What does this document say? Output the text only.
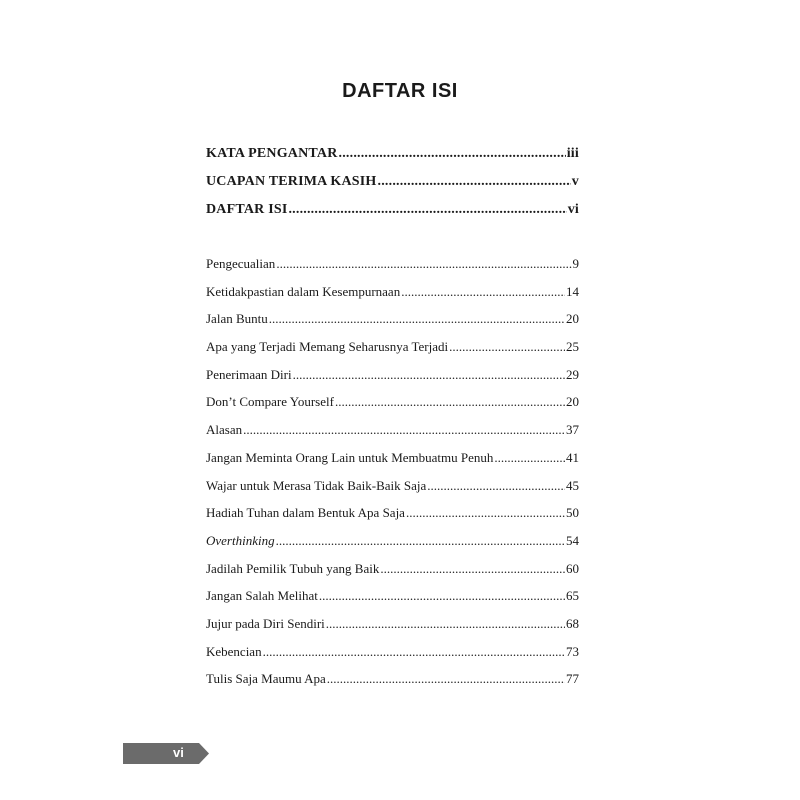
DAFTAR ISI
KATA PENGANTAR .....	iii
UCAPAN TERIMA KASIH .....	v
DAFTAR ISI .....	vi
Pengecualian .....	9
Ketidakpastian dalam Kesempurnaan .....	14
Jalan Buntu .....	20
Apa yang Terjadi Memang Seharusnya Terjadi .....	25
Penerimaan Diri .....	29
Don’t Compare Yourself .....	20
Alasan .....	37
Jangan Meminta Orang Lain untuk Membuatmu Penuh .....	41
Wajar untuk Merasa Tidak Baik-Baik Saja .....	45
Hadiah Tuhan dalam Bentuk Apa Saja .....	50
Overthinking .....	54
Jadilah Pemilik Tubuh yang Baik .....	60
Jangan Salah Melihat .....	65
Jujur pada Diri Sendiri .....	68
Kebencian .....	73
Tulis Saja Maumu Apa .....	77
vi
